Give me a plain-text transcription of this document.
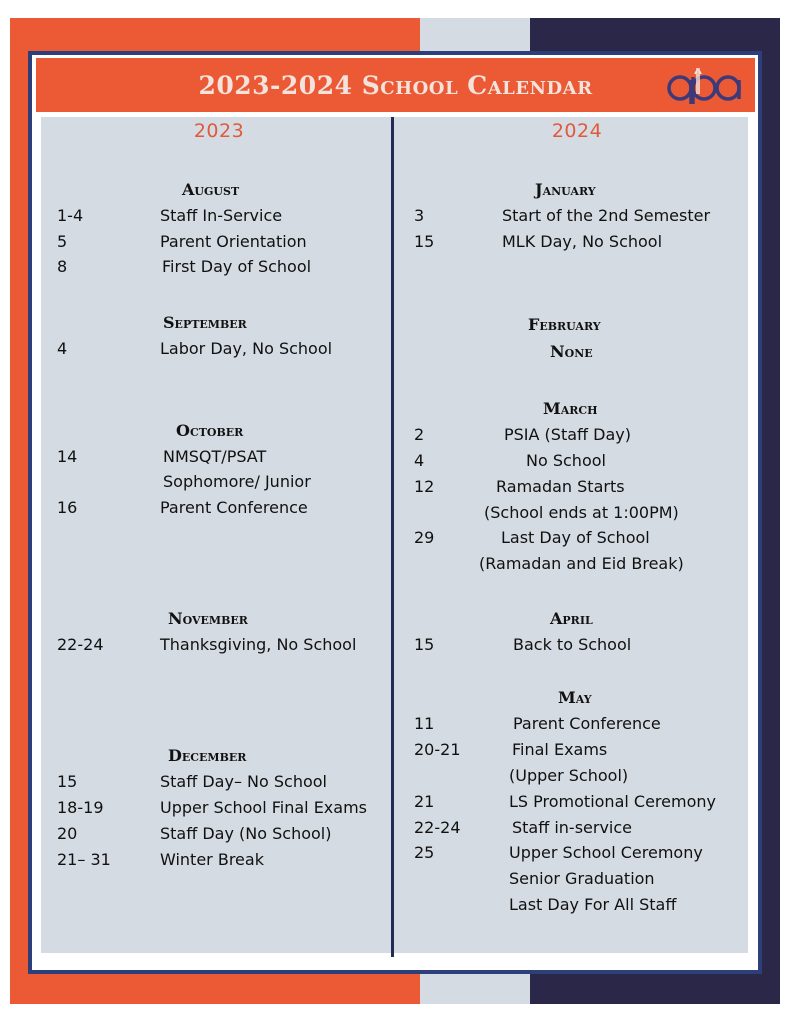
2023-2024 School Calendar
2023	2024
August
1-4	Staff In-Service
5	Parent Orientation
8	First Day of School
September
4	Labor Day, No School
October
14	NMSQT/PSAT
Sophomore/ Junior
16	Parent Conference
November
22-24	Thanksgiving, No School
December
15	Staff Day– No School
18-19	Upper School Final Exams
20	Staff Day (No School)
21– 31	Winter Break
January
3	Start of the 2nd Semester
15	MLK Day, No School
February
None
March
2	PSIA (Staff Day)
4	No School
12	Ramadan Starts
(School ends at 1:00PM)
29	Last Day of School
(Ramadan and Eid Break)
April
15	Back to School
May
11	Parent Conference
20-21	Final Exams
(Upper School)
21	LS Promotional Ceremony
22-24	Staff in-service
25	Upper School Ceremony
Senior Graduation
Last Day For All Staff
